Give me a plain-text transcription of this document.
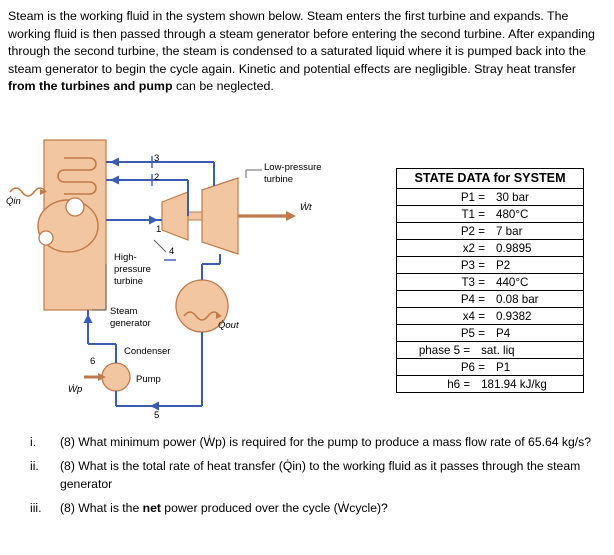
Steam is the working fluid in the system shown below. Steam enters the first turbine and expands. The working fluid is then passed through a steam generator before entering the second turbine. After expanding through the second turbine, the steam is condensed to a saturated liquid where it is pumped back into the steam generator to begin the cycle again. Kinetic and potential effects are negligible. Stray heat transfer from the turbines and pump can be neglected.
Q̇in
Ẇt
Ẇp
Q̇out
Low-pressure
turbine
High-
pressure
turbine
Steam
generator
Condenser
Pump
1
2
3
4
5
6
STATE DATA for SYSTEM
P1 = 30 bar
T1 = 480°C
P2 = 7 bar
x2 = 0.9895
P3 = P2
T3 = 440°C
P4 = 0.08 bar
x4 = 0.9382
P5 = P4
phase 5 = sat. liq
P6 = P1
h6 = 181.94 kJ/kg
i.	(8) What minimum power (Ẇp) is required for the pump to produce a mass flow rate of 65.64 kg/s?
ii.	(8) What is the total rate of heat transfer (Q̇in) to the working fluid as it passes through the steam generator
iii.	(8) What is the net power produced over the cycle (Ẇcycle)?
